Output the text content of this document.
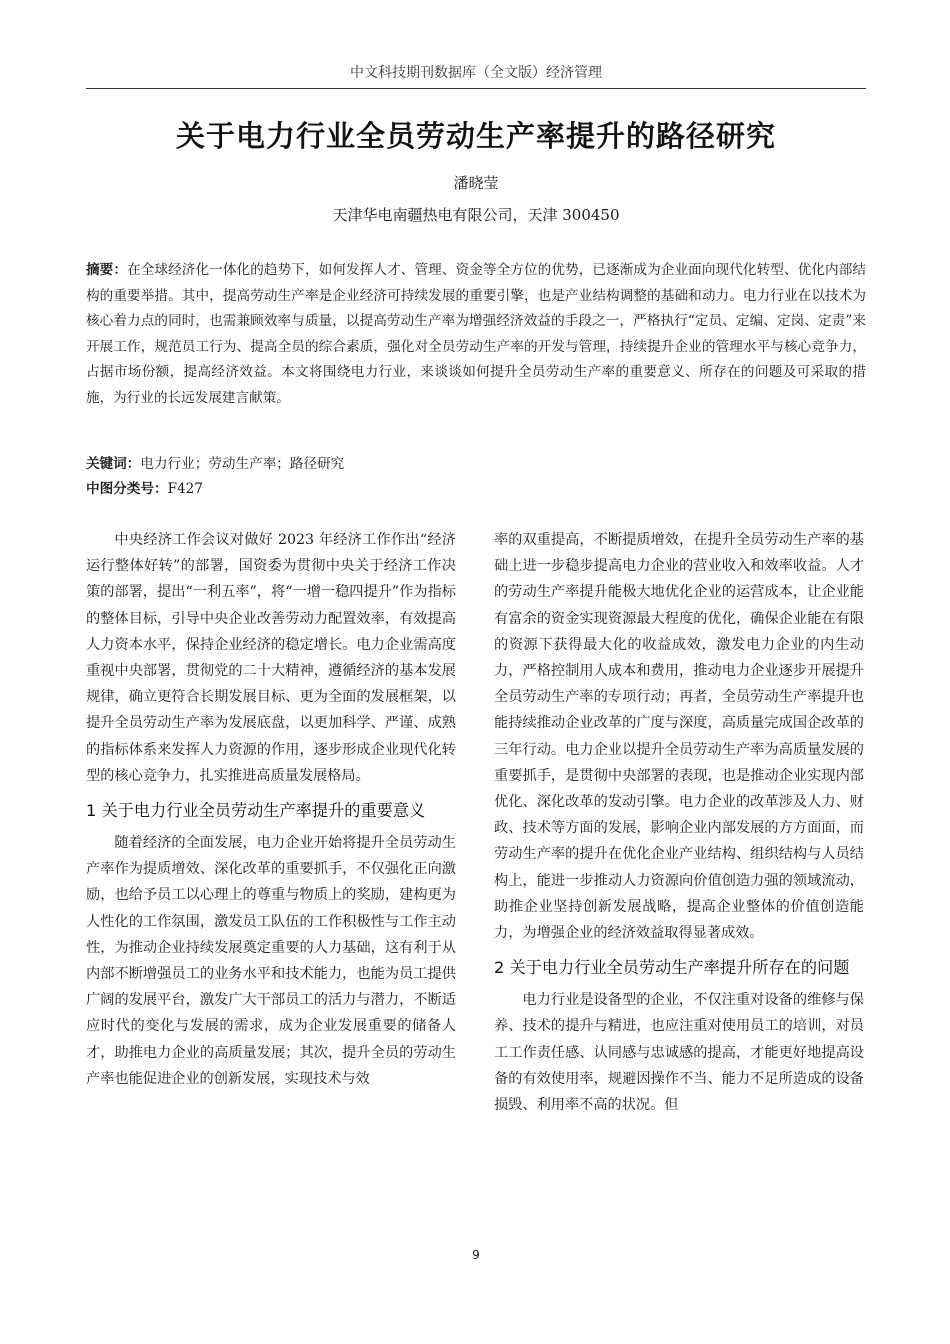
中文科技期刊数据库（全文版）经济管理
关于电力行业全员劳动生产率提升的路径研究
潘晓莹
天津华电南疆热电有限公司，天津 300450
摘要：在全球经济化一体化的趋势下，如何发挥人才、管理、资金等全方位的优势，已逐渐成为企业面向现代化转型、优化内部结构的重要举措。其中，提高劳动生产率是企业经济可持续发展的重要引擎，也是产业结构调整的基础和动力。电力行业在以技术为核心着力点的同时，也需兼顾效率与质量，以提高劳动生产率为增强经济效益的手段之一，严格执行“定员、定编、定岗、定责”来开展工作，规范员工行为、提高全员的综合素质，强化对全员劳动生产率的开发与管理，持续提升企业的管理水平与核心竞争力，占据市场份额，提高经济效益。本文将围绕电力行业，来谈谈如何提升全员劳动生产率的重要意义、所存在的问题及可采取的措施，为行业的长远发展建言献策。
关键词：电力行业；劳动生产率；路径研究
中图分类号：F427

中央经济工作会议对做好 2023 年经济工作作出“经济运行整体好转”的部署，国资委为贯彻中央关于经济工作决策的部署，提出“一利五率”，将“一增一稳四提升”作为指标的整体目标，引导中央企业改善劳动力配置效率，有效提高人力资本水平，保持企业经济的稳定增长。电力企业需高度重视中央部署，贯彻党的二十大精神，遵循经济的基本发展规律，确立更符合长期发展目标、更为全面的发展框架，以提升全员劳动生产率为发展底盘，以更加科学、严谨、成熟的指标体系来发挥人力资源的作用，逐步形成企业现代化转型的核心竞争力，扎实推进高质量发展格局。

1 关于电力行业全员劳动生产率提升的重要意义

随着经济的全面发展，电力企业开始将提升全员劳动生产率作为提质增效、深化改革的重要抓手，不仅强化正向激励，也给予员工以心理上的尊重与物质上的奖励，建构更为人性化的工作氛围，激发员工队伍的工作积极性与工作主动性，为推动企业持续发展奠定重要的人力基础，这有利于从内部不断增强员工的业务水平和技术能力，也能为员工提供广阔的发展平台，激发广大干部员工的活力与潜力，不断适应时代的变化与发展的需求，成为企业发展重要的储备人才，助推电力企业的高质量发展；其次，提升全员的劳动生产率也能促进企业的创新发展，实现技术与效

率的双重提高，不断提质增效，在提升全员劳动生产率的基础上进一步稳步提高电力企业的营业收入和效率收益。人才的劳动生产率提升能极大地优化企业的运营成本，让企业能有富余的资金实现资源最大程度的优化，确保企业能在有限的资源下获得最大化的收益成效，激发电力企业的内生动力，严格控制用人成本和费用，推动电力企业逐步开展提升全员劳动生产率的专项行动；再者，全员劳动生产率提升也能持续推动企业改革的广度与深度，高质量完成国企改革的三年行动。电力企业以提升全员劳动生产率为高质量发展的重要抓手，是贯彻中央部署的表现，也是推动企业实现内部优化、深化改革的发动引擎。电力企业的改革涉及人力、财政、技术等方面的发展，影响企业内部发展的方方面面，而劳动生产率的提升在优化企业产业结构、组织结构与人员结构上，能进一步推动人力资源向价值创造力强的领域流动，助推企业坚持创新发展战略，提高企业整体的价值创造能力，为增强企业的经济效益取得显著成效。

2 关于电力行业全员劳动生产率提升所存在的问题

电力行业是设备型的企业，不仅注重对设备的维修与保养、技术的提升与精进，也应注重对使用员工的培训，对员工工作责任感、认同感与忠诚感的提高，才能更好地提高设备的有效使用率，规避因操作不当、能力不足所造成的设备损毁、利用率不高的状况。但

9
